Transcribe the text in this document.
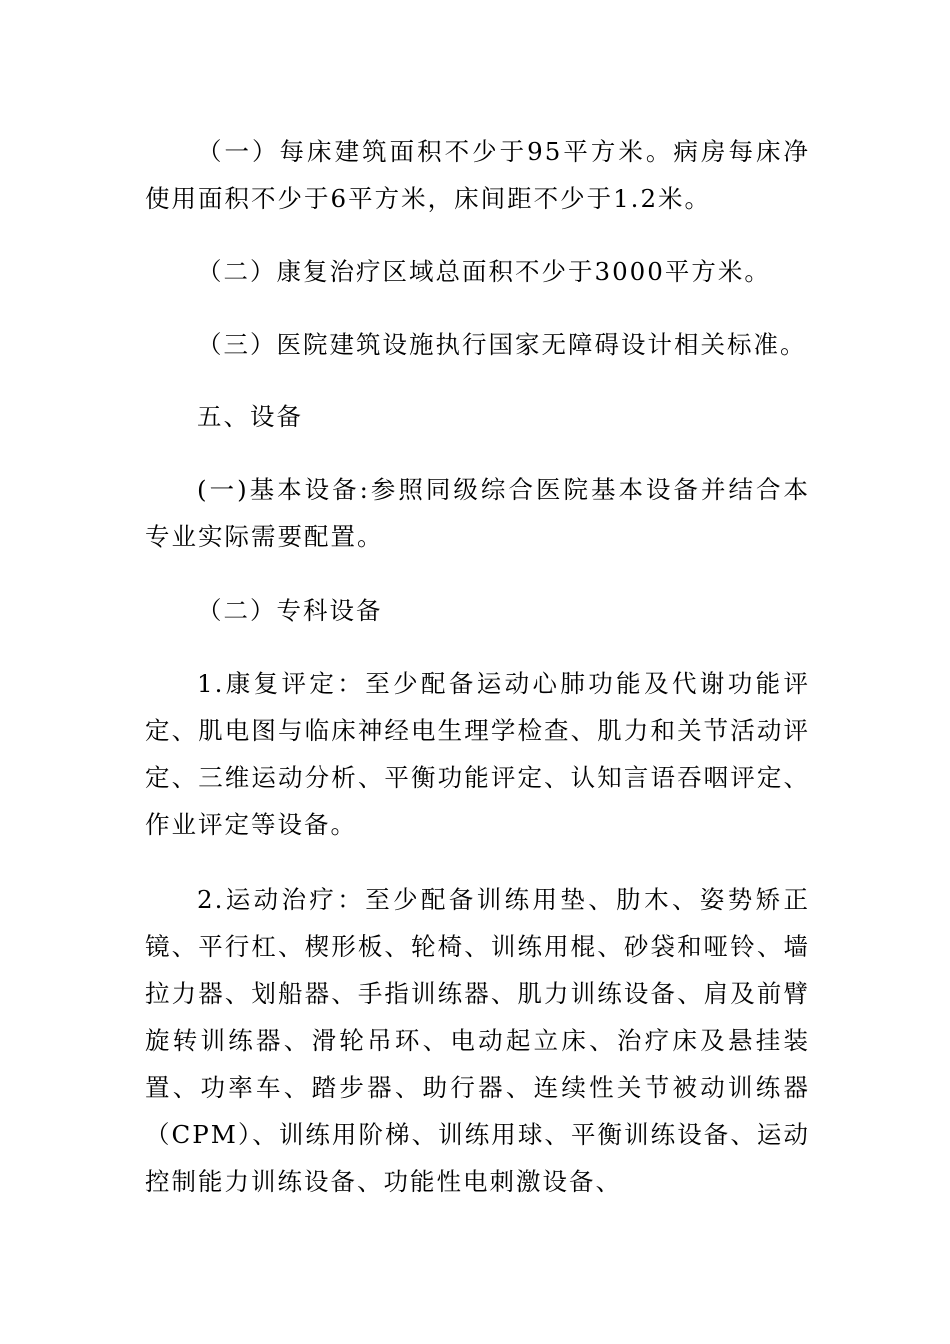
（一）每床建筑面积不少于95平方米。病房每床净使用面积不少于6平方米，床间距不少于1.2米。

（二）康复治疗区域总面积不少于3000平方米。

（三）医院建筑设施执行国家无障碍设计相关标准。

五、设备

(一)基本设备:参照同级综合医院基本设备并结合本专业实际需要配置。

（二）专科设备

1.康复评定：至少配备运动心肺功能及代谢功能评定、肌电图与临床神经电生理学检查、肌力和关节活动评定、三维运动分析、平衡功能评定、认知言语吞咽评定、作业评定等设备。

2.运动治疗：至少配备训练用垫、肋木、姿势矫正镜、平行杠、楔形板、轮椅、训练用棍、砂袋和哑铃、墙拉力器、划船器、手指训练器、肌力训练设备、肩及前臂旋转训练器、滑轮吊环、电动起立床、治疗床及悬挂装置、功率车、踏步器、助行器、连续性关节被动训练器（CPM）、训练用阶梯、训练用球、平衡训练设备、运动控制能力训练设备、功能性电刺激设备、
